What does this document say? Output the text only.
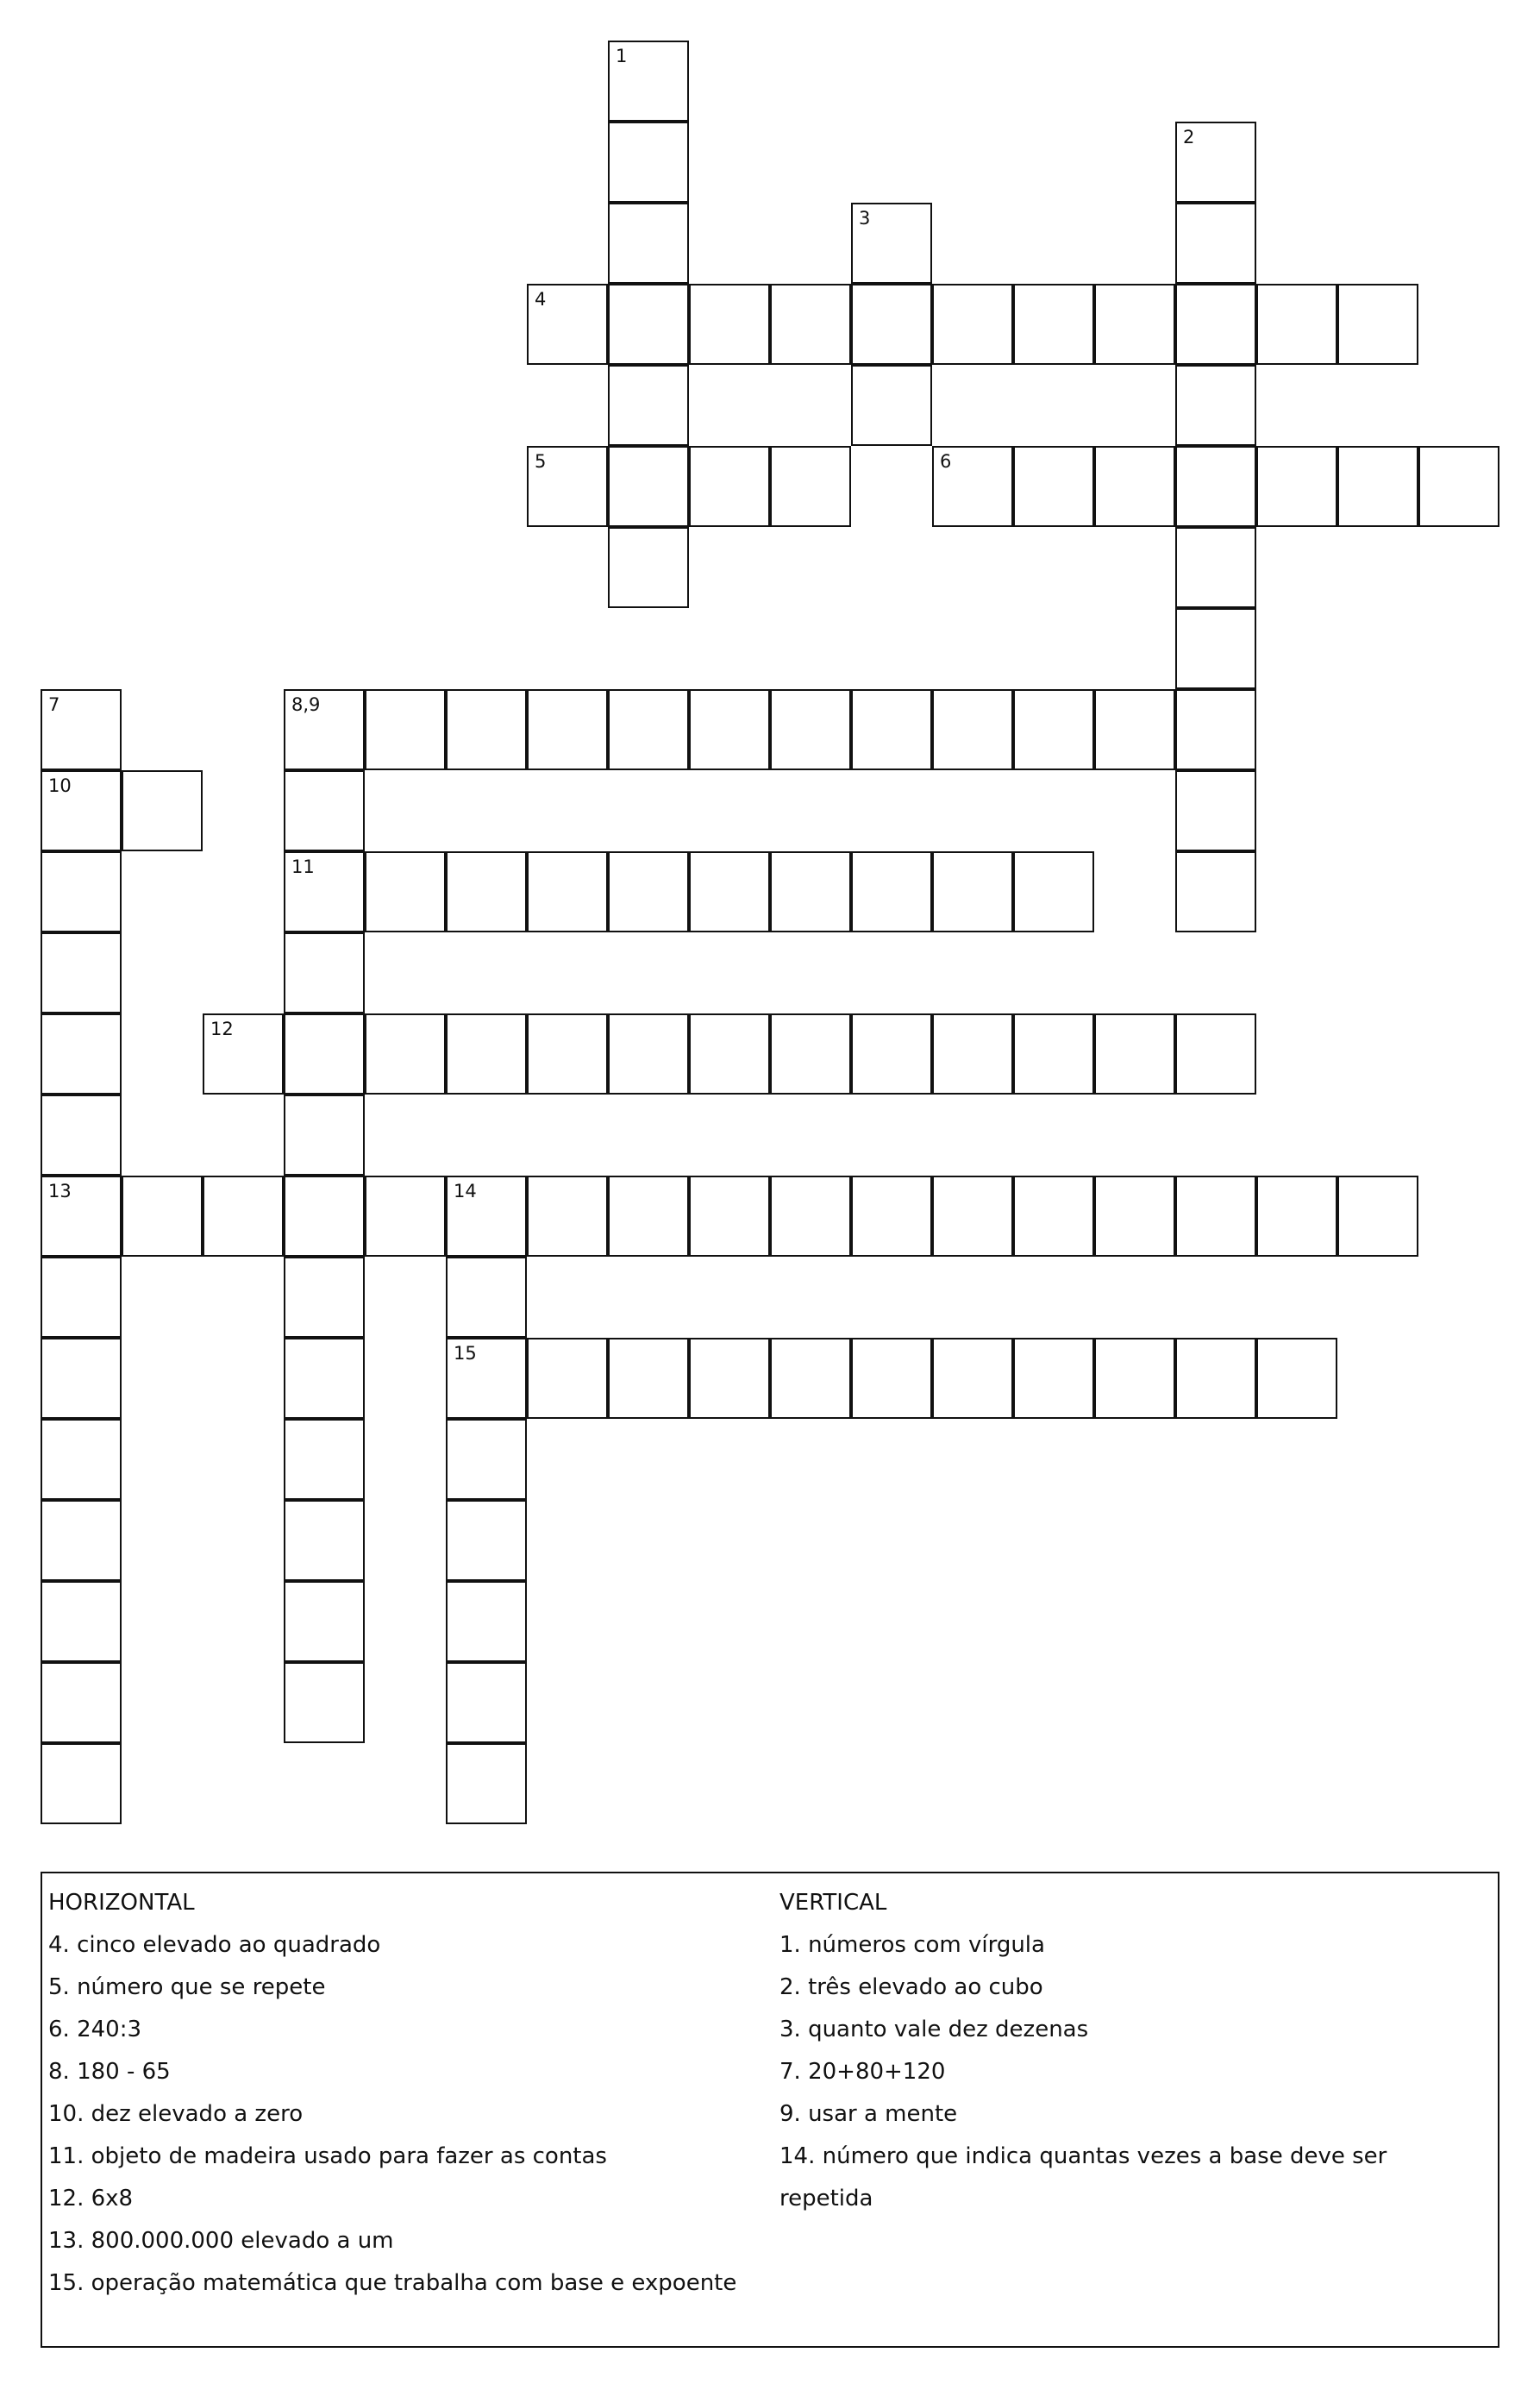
1
2
3
4
5	6
7
10
13
8,9
11
12
14
15
HORIZONTAL
4. cinco elevado ao quadrado
5. número que se repete
6. 240:3
8. 180 - 65
10. dez elevado a zero
11. objeto de madeira usado para fazer as contas
12. 6x8
13. 800.000.000 elevado a um
15. operação matemática que trabalha com base e expoente
VERTICAL
1. números com vírgula
2. três elevado ao cubo
3. quanto vale dez dezenas
7. 20+80+120
9. usar a mente
14. número que indica quantas vezes a base deve ser
repetida
